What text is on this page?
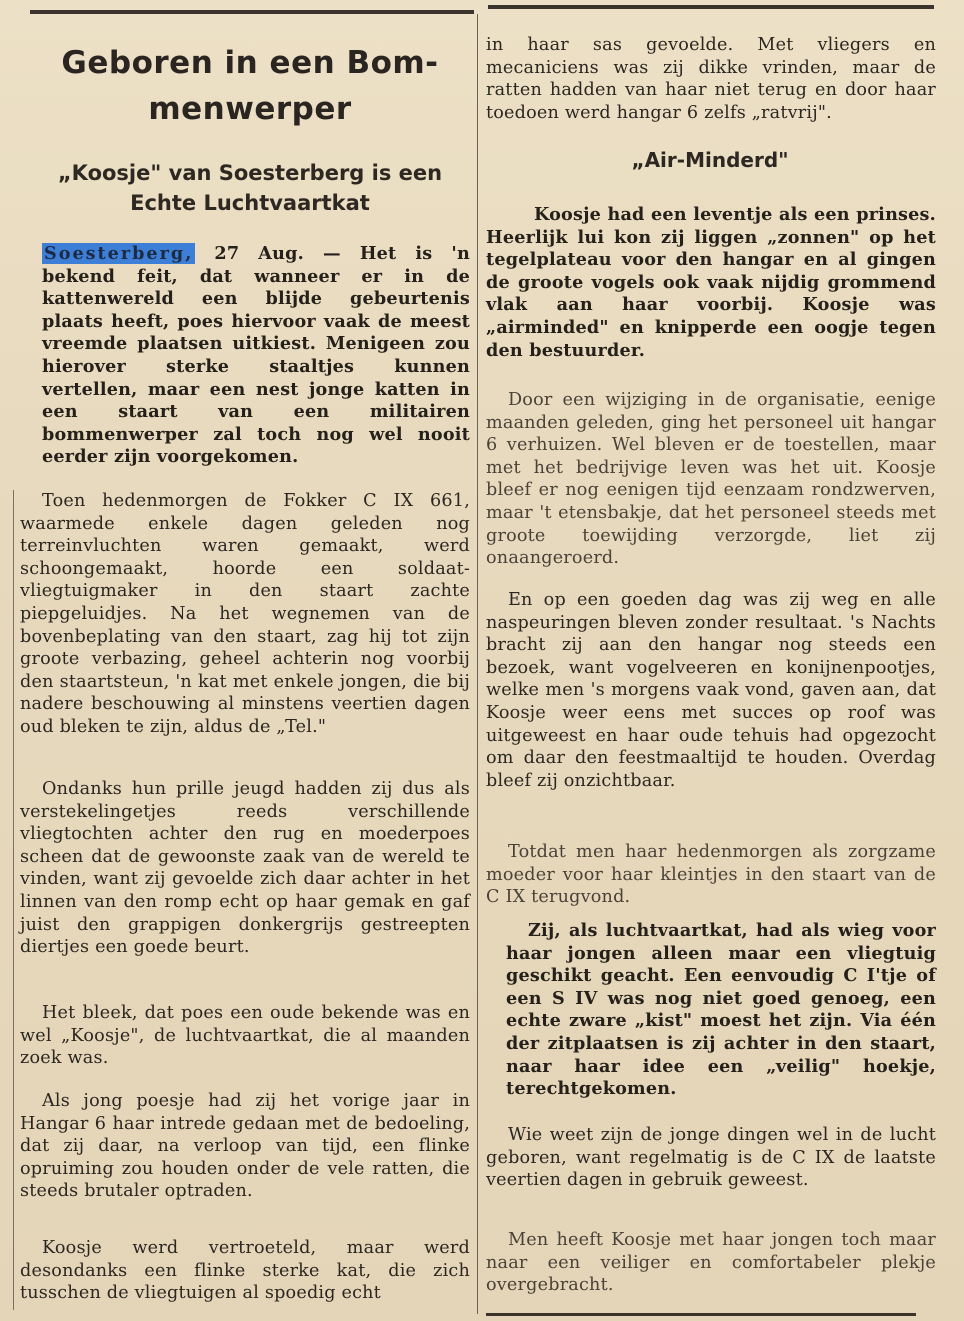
Geboren in een Bom-
menwerper
„Koosje" van Soesterberg is een
Echte Luchtvaartkat

Soesterberg, 27 Aug. — Het is 'n bekend feit, dat wanneer er in de kattenwereld een blijde gebeurtenis plaats heeft, poes hiervoor vaak de meest vreemde plaatsen uitkiest. Menigeen zou hierover sterke staaltjes kunnen vertellen, maar een nest jonge katten in een staart van een militairen bommenwerper zal toch nog wel nooit eerder zijn voorgekomen.

Toen hedenmorgen de Fokker C IX 661, waarmede enkele dagen geleden nog terreinvluchten waren gemaakt, werd schoongemaakt, hoorde een soldaat-vliegtuigmaker in den staart zachte piepgeluidjes. Na het wegnemen van de bovenbeplating van den staart, zag hij tot zijn groote verbazing, geheel achterin nog voorbij den staartsteun, 'n kat met enkele jongen, die bij nadere beschouwing al minstens veertien dagen oud bleken te zijn, aldus de „Tel."

Ondanks hun prille jeugd hadden zij dus als verstekelingetjes reeds verschillende vliegtochten achter den rug en moederpoes scheen dat de gewoonste zaak van de wereld te vinden, want zij gevoelde zich daar achter in het linnen van den romp echt op haar gemak en gaf juist den grappigen donkergrijs gestreepten diertjes een goede beurt.

Het bleek, dat poes een oude bekende was en wel „Koosje", de luchtvaartkat, die al maanden zoek was.

Als jong poesje had zij het vorige jaar in Hangar 6 haar intrede gedaan met de bedoeling, dat zij daar, na verloop van tijd, een flinke opruiming zou houden onder de vele ratten, die steeds brutaler optraden.

Koosje werd vertroeteld, maar werd desondanks een flinke sterke kat, die zich tusschen de vliegtuigen al spoedig echt

in haar sas gevoelde. Met vliegers en mecaniciens was zij dikke vrinden, maar de ratten hadden van haar niet terug en door haar toedoen werd hangar 6 zelfs „ratvrij".

„Air-Minderd"

Koosje had een leventje als een prinses. Heerlijk lui kon zij liggen „zonnen" op het tegelplateau voor den hangar en al gingen de groote vogels ook vaak nijdig grommend vlak aan haar voorbij. Koosje was „airminded" en knipperde een oogje tegen den bestuurder.

Door een wijziging in de organisatie, eenige maanden geleden, ging het personeel uit hangar 6 verhuizen. Wel bleven er de toestellen, maar met het bedrijvige leven was het uit. Koosje bleef er nog eenigen tijd eenzaam rondzwerven, maar 't etensbakje, dat het personeel steeds met groote toewijding verzorgde, liet zij onaangeroerd.

En op een goeden dag was zij weg en alle naspeuringen bleven zonder resultaat. 's Nachts bracht zij aan den hangar nog steeds een bezoek, want vogelveeren en konijnenpootjes, welke men 's morgens vaak vond, gaven aan, dat Koosje weer eens met succes op roof was uitgeweest en haar oude tehuis had opgezocht om daar den feestmaaltijd te houden. Overdag bleef zij onzichtbaar.

Totdat men haar hedenmorgen als zorgzame moeder voor haar kleintjes in den staart van de C IX terugvond.

Zij, als luchtvaartkat, had als wieg voor haar jongen alleen maar een vliegtuig geschikt geacht. Een eenvoudig C I'tje of een S IV was nog niet goed genoeg, een echte zware „kist" moest het zijn. Via één der zitplaatsen is zij achter in den staart, naar haar idee een „veilig" hoekje, terechtgekomen.

Wie weet zijn de jonge dingen wel in de lucht geboren, want regelmatig is de C IX de laatste veertien dagen in gebruik geweest.

Men heeft Koosje met haar jongen toch maar naar een veiliger en comfortabeler plekje overgebracht.
